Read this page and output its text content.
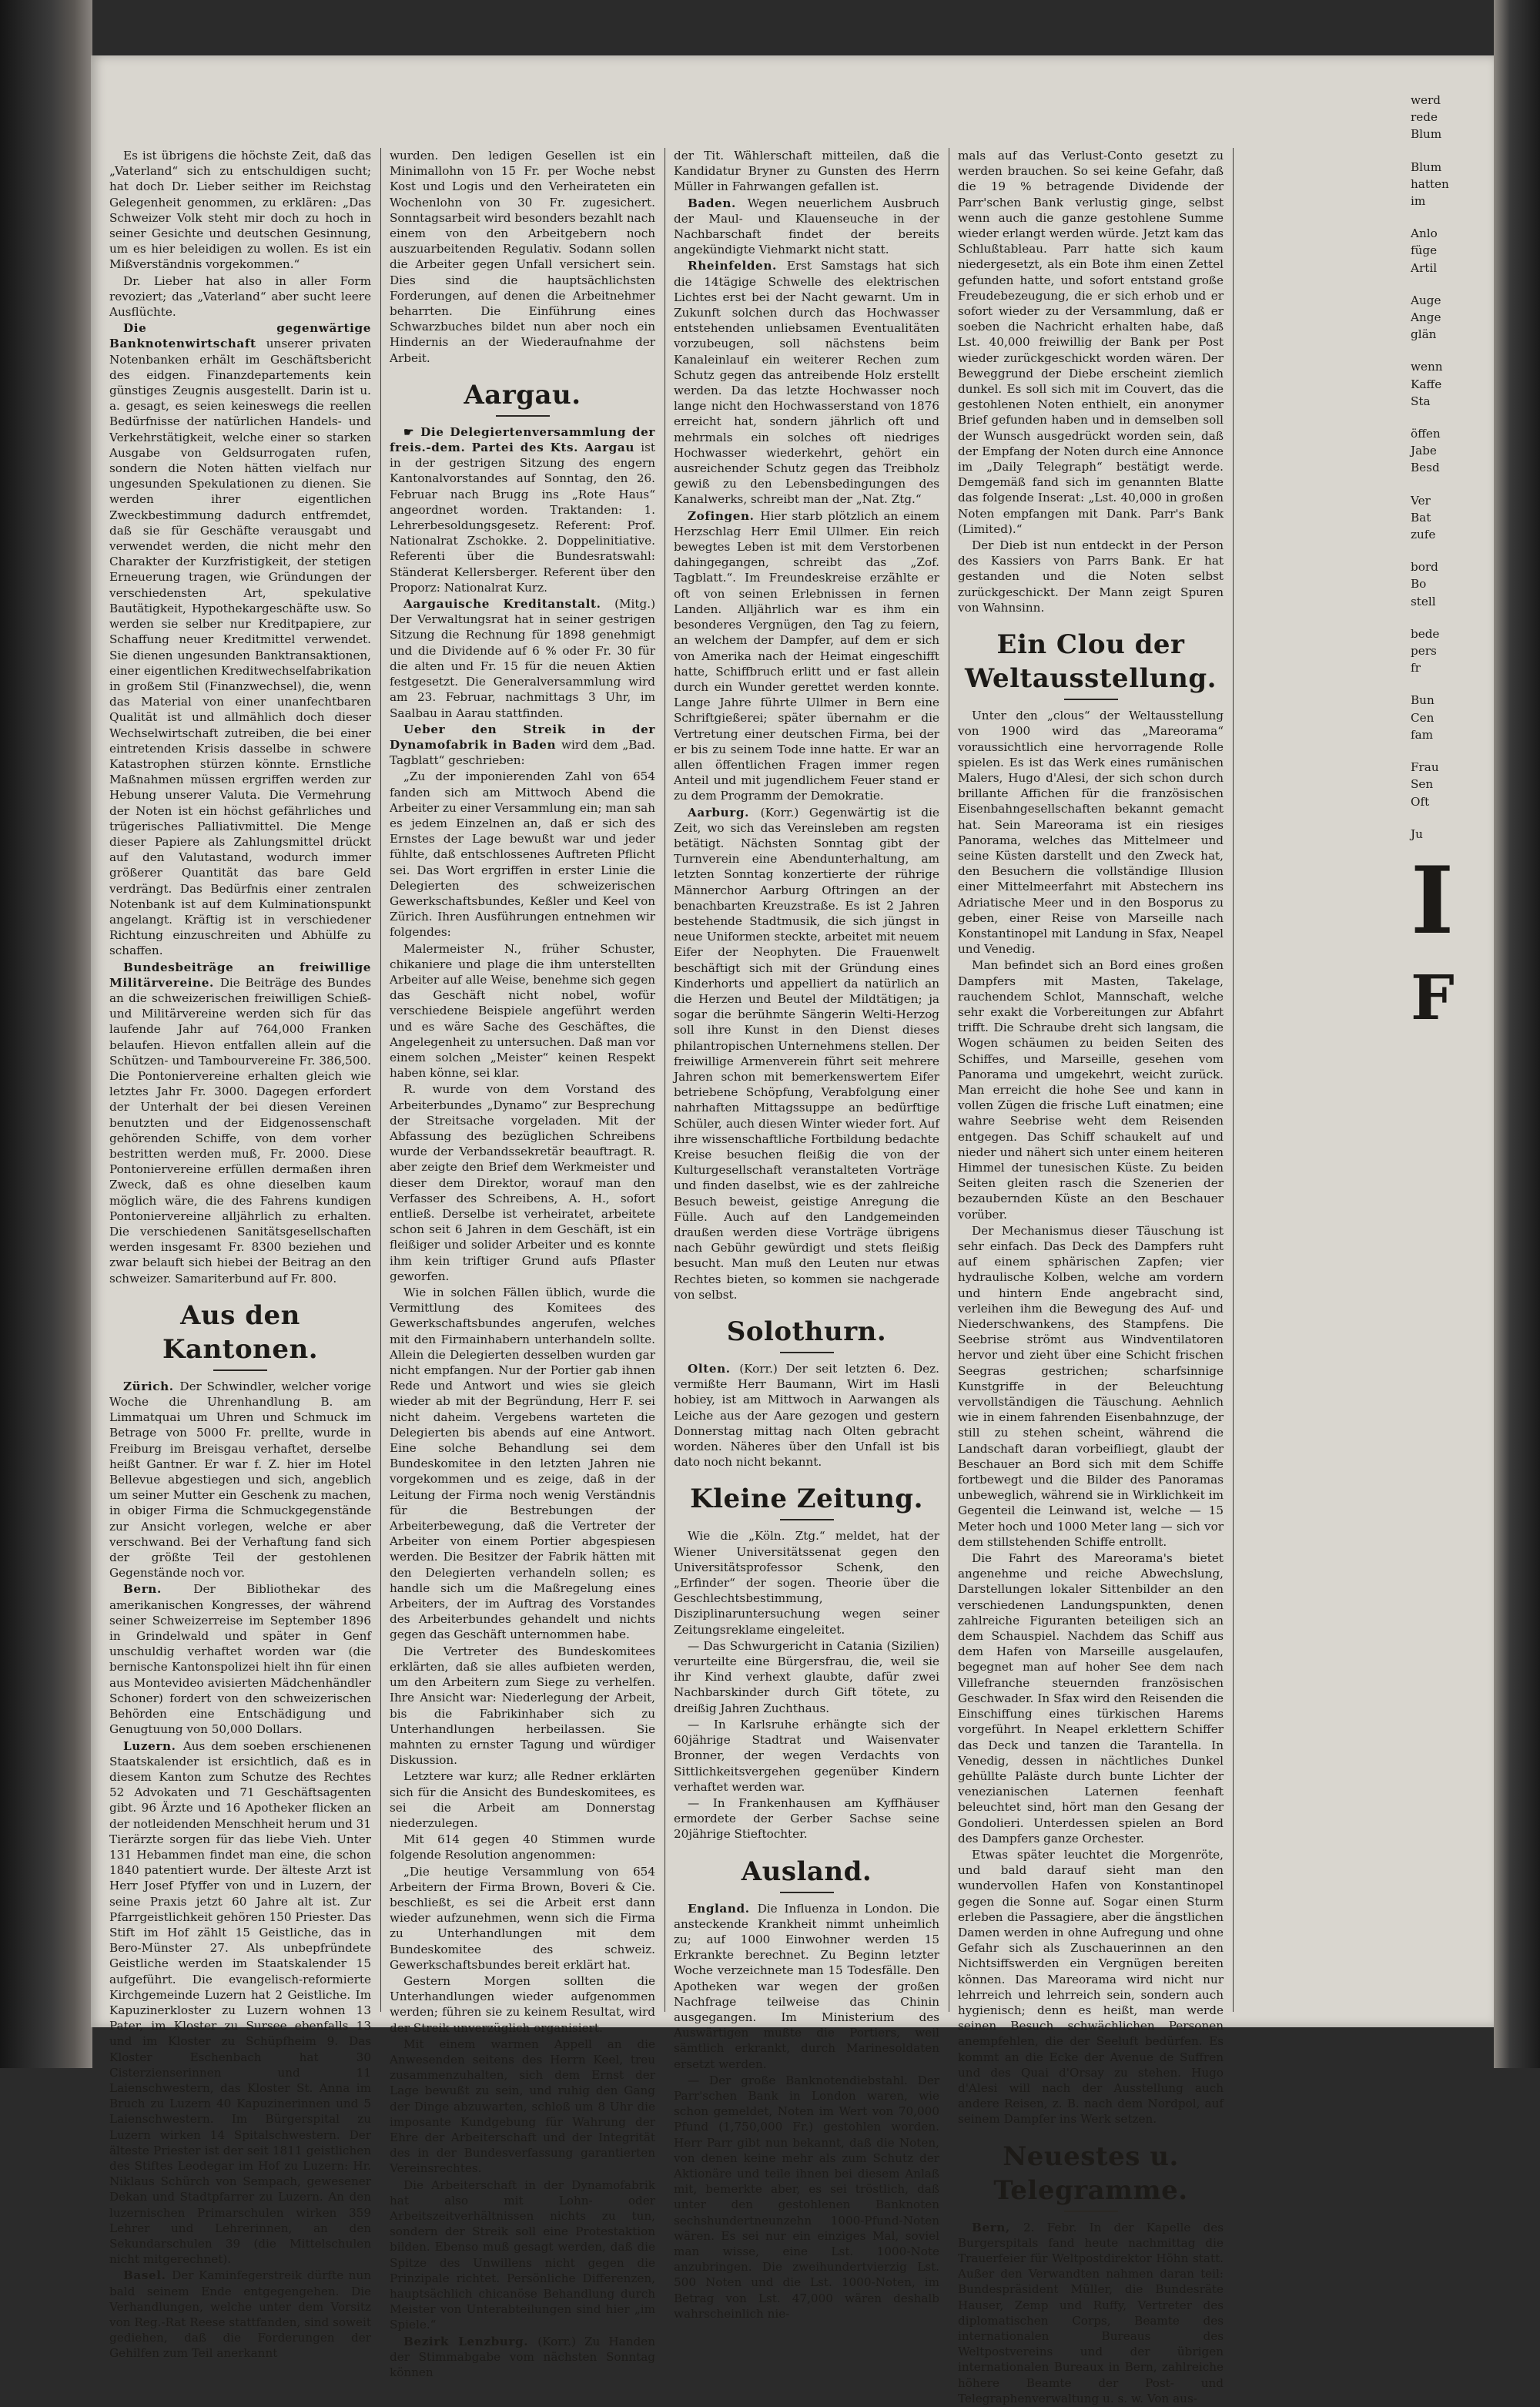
Es ist übrigens die höchste Zeit, daß das „Vaterland“ sich zu entschuldigen sucht; hat doch Dr. Lieber seither im Reichstag Gelegenheit genommen, zu erklären: „Das Schweizer Volk steht mir doch zu hoch in seiner Gesichte und deutschen Gesinnung, um es hier beleidigen zu wollen. Es ist ein Mißverständnis vorgekommen.“

Dr. Lieber hat also in aller Form revoziert; das „Vaterland“ aber sucht leere Ausflüchte.

Die gegenwärtige Banknotenwirtschaft unserer privaten Notenbanken erhält im Geschäftsbericht des eidgen. Finanzdepartements kein günstiges Zeugnis ausgestellt. Darin ist u. a. gesagt, es seien keineswegs die reellen Bedürfnisse der natürlichen Handels- und Verkehrstätigkeit, welche einer so starken Ausgabe von Geldsurrogaten rufen, sondern die Noten hätten vielfach nur ungesunden Spekulationen zu dienen. Sie werden ihrer eigentlichen Zweckbestimmung dadurch entfremdet, daß sie für Geschäfte verausgabt und verwendet werden, die nicht mehr den Charakter der Kurzfristigkeit, der stetigen Erneuerung tragen, wie Gründungen der verschiedensten Art, spekulative Bautätigkeit, Hypothekargeschäfte usw. So werden sie selber nur Kreditpapiere, zur Schaffung neuer Kreditmittel verwendet. Sie dienen ungesunden Banktransaktionen, einer eigentlichen Kreditwechselfabrikation in großem Stil (Finanzwechsel), die, wenn das Material von einer unanfechtbaren Qualität ist und allmählich doch dieser Wechselwirtschaft zutreiben, die bei einer eintretenden Krisis dasselbe in schwere Katastrophen stürzen könnte. Ernstliche Maßnahmen müssen ergriffen werden zur Hebung unserer Valuta. Die Vermehrung der Noten ist ein höchst gefährliches und trügerisches Palliativmittel. Die Menge dieser Papiere als Zahlungsmittel drückt auf den Valutastand, wodurch immer größerer Quantität das bare Geld verdrängt. Das Bedürfnis einer zentralen Notenbank ist auf dem Kulminationspunkt angelangt. Kräftig ist in verschiedener Richtung einzuschreiten und Abhülfe zu schaffen.

Bundesbeiträge an freiwillige Militärvereine. Die Beiträge des Bundes an die schweizerischen freiwilligen Schieß- und Militärvereine werden sich für das laufende Jahr auf 764,000 Franken belaufen. Hievon entfallen allein auf die Schützen- und Tambourvereine Fr. 386,500. Die Pontoniervereine erhalten gleich wie letztes Jahr Fr. 3000. Dagegen erfordert der Unterhalt der bei diesen Vereinen benutzten und der Eidgenossenschaft gehörenden Schiffe, von dem vorher bestritten werden muß, Fr. 2000. Diese Pontoniervereine erfüllen dermaßen ihren Zweck, daß es ohne dieselben kaum möglich wäre, die des Fahrens kundigen Pontoniervereine alljährlich zu erhalten. Die verschiedenen Sanitätsgesellschaften werden insgesamt Fr. 8300 beziehen und zwar belauft sich hiebei der Beitrag an den schweizer. Samariterbund auf Fr. 800.

Aus den Kantonen.

Zürich. Der Schwindler, welcher vorige Woche die Uhrenhandlung B. am Limmatquai um Uhren und Schmuck im Betrage von 5000 Fr. prellte, wurde in Freiburg im Breisgau verhaftet, derselbe heißt Gantner. Er war f. Z. hier im Hotel Bellevue abgestiegen und sich, angeblich um seiner Mutter ein Geschenk zu machen, in obiger Firma die Schmuckgegenstände zur Ansicht vorlegen, welche er aber verschwand. Bei der Verhaftung fand sich der größte Teil der gestohlenen Gegenstände noch vor.

Bern. Der Bibliothekar des amerikanischen Kongresses, der während seiner Schweizerreise im September 1896 in Grindelwald und später in Genf unschuldig verhaftet worden war (die bernische Kantonspolizei hielt ihn für einen aus Montevideo avisierten Mädchenhändler Schoner) fordert von den schweizerischen Behörden eine Entschädigung und Genugtuung von 50,000 Dollars.

Luzern. Aus dem soeben erschienenen Staatskalender ist ersichtlich, daß es in diesem Kanton zum Schutze des Rechtes 52 Advokaten und 71 Geschäftsagenten gibt. 96 Ärzte und 16 Apotheker flicken an der notleidenden Menschheit herum und 31 Tierärzte sorgen für das liebe Vieh. Unter 131 Hebammen findet man eine, die schon 1840 patentiert wurde. Der älteste Arzt ist Herr Josef Pfyffer von und in Luzern, der seine Praxis jetzt 60 Jahre alt ist. Zur Pfarrgeistlichkeit gehören 150 Priester. Das Stift im Hof zählt 15 Geistliche, das in Bero-Münster 27. Als unbepfründete Geistliche werden im Staatskalender 15 aufgeführt. Die evangelisch-reformierte Kirchgemeinde Luzern hat 2 Geistliche. Im Kapuzinerkloster zu Luzern wohnen 13 Pater, im Kloster zu Sursee ebenfalls 13 und im Kloster zu Schüpfheim 9. Das Kloster Eschenbach hat 30 Cisterzienserinnen und 11 Laienschwestern, das Kloster St. Anna im Bruch zu Luzern 40 Kapuzinerinnen und 5 Laienschwestern. Im Bürgerspital zu Luzern wirken 14 Spitalschwestern. Der älteste Priester ist der seit 1811 geistlichen des Stiftes Leodegar im Hof zu Luzern: Hr. Niklaus Schürch von Sempach, gewesener Dekan und Stadtpfarrer zu Luzern. An den luzernischen Primarschulen wirken 359 Lehrer und Lehrerinnen, an den Sekundarschulen 39 (die Mittelschulen nicht mitgerechnet).

Basel. Der Kaminfegerstreik dürfte nun bald seinem Ende entgegengehen. Die Verhandlungen, welche unter dem Vorsitz von Reg.-Rat Reese stattfanden, sind soweit gediehen, daß die Forderungen der Gehilfen zum Teil anerkannt

wurden. Den ledigen Gesellen ist ein Minimallohn von 15 Fr. per Woche nebst Kost und Logis und den Verheirateten ein Wochenlohn von 30 Fr. zugesichert. Sonntagsarbeit wird besonders bezahlt nach einem von den Arbeitgebern noch auszuarbeitenden Regulativ. Sodann sollen die Arbeiter gegen Unfall versichert sein. Dies sind die hauptsächlichsten Forderungen, auf denen die Arbeitnehmer beharrten. Die Einführung eines Schwarzbuches bildet nun aber noch ein Hindernis an der Wiederaufnahme der Arbeit.

Aargau.

☛ Die Delegiertenversammlung der freis.-dem. Partei des Kts. Aargau ist in der gestrigen Sitzung des engern Kantonalvorstandes auf Sonntag, den 26. Februar nach Brugg ins „Rote Haus“ angeordnet worden. Traktanden: 1. Lehrerbesoldungsgesetz. Referent: Prof. Nationalrat Zschokke. 2. Doppelinitiative. Referenti über die Bundesratswahl: Ständerat Kellersberger. Referent über den Proporz: Nationalrat Kurz.

Aargauische Kreditanstalt. (Mitg.) Der Verwaltungsrat hat in seiner gestrigen Sitzung die Rechnung für 1898 genehmigt und die Dividende auf 6 % oder Fr. 30 für die alten und Fr. 15 für die neuen Aktien festgesetzt. Die Generalversammlung wird am 23. Februar, nachmittags 3 Uhr, im Saalbau in Aarau stattfinden.

Ueber den Streik in der Dynamofabrik in Baden wird dem „Bad. Tagblatt“ geschrieben:

„Zu der imponierenden Zahl von 654 fanden sich am Mittwoch Abend die Arbeiter zu einer Versammlung ein; man sah es jedem Einzelnen an, daß er sich des Ernstes der Lage bewußt war und jeder fühlte, daß entschlossenes Auftreten Pflicht sei. Das Wort ergriffen in erster Linie die Delegierten des schweizerischen Gewerkschaftsbundes, Keßler und Keel von Zürich. Ihren Ausführungen entnehmen wir folgendes:

Malermeister N., früher Schuster, chikaniere und plage die ihm unterstellten Arbeiter auf alle Weise, benehme sich gegen das Geschäft nicht nobel, wofür verschiedene Beispiele angeführt werden und es wäre Sache des Geschäftes, die Angelegenheit zu untersuchen. Daß man vor einem solchen „Meister“ keinen Respekt haben könne, sei klar.

R. wurde von dem Vorstand des Arbeiterbundes „Dynamo“ zur Besprechung der Streitsache vorgeladen. Mit der Abfassung des bezüglichen Schreibens wurde der Verbandssekretär beauftragt. R. aber zeigte den Brief dem Werkmeister und dieser dem Direktor, worauf man den Verfasser des Schreibens, A. H., sofort entließ. Derselbe ist verheiratet, arbeitete schon seit 6 Jahren in dem Geschäft, ist ein fleißiger und solider Arbeiter und es konnte ihm kein triftiger Grund aufs Pflaster geworfen.

Wie in solchen Fällen üblich, wurde die Vermittlung des Komitees des Gewerkschaftsbundes angerufen, welches mit den Firmainhabern unterhandeln sollte. Allein die Delegierten desselben wurden gar nicht empfangen. Nur der Portier gab ihnen Rede und Antwort und wies sie gleich wieder ab mit der Begründung, Herr F. sei nicht daheim. Vergebens warteten die Delegierten bis abends auf eine Antwort. Eine solche Behandlung sei dem Bundeskomitee in den letzten Jahren nie vorgekommen und es zeige, daß in der Leitung der Firma noch wenig Verständnis für die Bestrebungen der Arbeiterbewegung, daß die Vertreter der Arbeiter von einem Portier abgespiesen werden. Die Besitzer der Fabrik hätten mit den Delegierten verhandeln sollen; es handle sich um die Maßregelung eines Arbeiters, der im Auftrag des Vorstandes des Arbeiterbundes gehandelt und nichts gegen das Geschäft unternommen habe.

Die Vertreter des Bundeskomitees erklärten, daß sie alles aufbieten werden, um den Arbeitern zum Siege zu verhelfen. Ihre Ansicht war: Niederlegung der Arbeit, bis die Fabrikinhaber sich zu Unterhandlungen herbeilassen. Sie mahnten zu ernster Tagung und würdiger Diskussion.

Letztere war kurz; alle Redner erklärten sich für die Ansicht des Bundeskomitees, es sei die Arbeit am Donnerstag niederzulegen.

Mit 614 gegen 40 Stimmen wurde folgende Resolution angenommen:

„Die heutige Versammlung von 654 Arbeitern der Firma Brown, Boveri & Cie. beschließt, es sei die Arbeit erst dann wieder aufzunehmen, wenn sich die Firma zu Unterhandlungen mit dem Bundeskomitee des schweiz. Gewerkschaftsbundes bereit erklärt hat.

Gestern Morgen sollten die Unterhandlungen wieder aufgenommen werden; führen sie zu keinem Resultat, wird der Streik unverzüglich organisiert.

Mit einem warmen Appell an die Anwesenden seitens des Herrn Keel, treu zusammenzuhalten, sich dem Ernst der Lage bewußt zu sein, und ruhig den Gang der Dinge abzuwarten, schloß um 8 Uhr die imposante Kundgebung für Wahrung der Ehre der Arbeiterschaft und der Integrität des in der Bundesverfassung garantierten Vereinsrechtes.

Die Arbeiterschaft in der Dynamofabrik hat also mit Lohn- oder Arbeitszeitverhältnissen nichts zu tun, sondern der Streik soll eine Protestaktion bilden. Ebenso muß gesagt werden, daß die Spitze des Unwillens nicht gegen die Prinzipale richtet. Persönliche Differenzen, hauptsächlich chicanöse Behandlung durch Meister von Unterabteilungen sind hier „im Spiele.“

Bezirk Lenzburg. (Korr.) Zu Handen der Stimmabgabe vom nächsten Sonntag können

der Tit. Wählerschaft mitteilen, daß die Kandidatur Bryner zu Gunsten des Herrn Müller in Fahrwangen gefallen ist.

Baden. Wegen neuerlichem Ausbruch der Maul- und Klauenseuche in der Nachbarschaft findet der bereits angekündigte Viehmarkt nicht statt.

Rheinfelden. Erst Samstags hat sich die 14tägige Schwelle des elektrischen Lichtes erst bei der Nacht gewarnt. Um in Zukunft solchen durch das Hochwasser entstehenden unliebsamen Eventualitäten vorzubeugen, soll nächstens beim Kanaleinlauf ein weiterer Rechen zum Schutz gegen das antreibende Holz erstellt werden. Da das letzte Hochwasser noch lange nicht den Hochwasserstand von 1876 erreicht hat, sondern jährlich oft und mehrmals ein solches oft niedriges Hochwasser wiederkehrt, gehört ein ausreichender Schutz gegen das Treibholz gewiß zu den Lebensbedingungen des Kanalwerks, schreibt man der „Nat. Ztg.“

Zofingen. Hier starb plötzlich an einem Herzschlag Herr Emil Ullmer. Ein reich bewegtes Leben ist mit dem Verstorbenen dahingegangen, schreibt das „Zof. Tagblatt.“. Im Freundeskreise erzählte er oft von seinen Erlebnissen in fernen Landen. Alljährlich war es ihm ein besonderes Vergnügen, den Tag zu feiern, an welchem der Dampfer, auf dem er sich von Amerika nach der Heimat eingeschifft hatte, Schiffbruch erlitt und er fast allein durch ein Wunder gerettet werden konnte. Lange Jahre führte Ullmer in Bern eine Schriftgießerei; später übernahm er die Vertretung einer deutschen Firma, bei der er bis zu seinem Tode inne hatte. Er war an allen öffentlichen Fragen immer regen Anteil und mit jugendlichem Feuer stand er zu dem Programm der Demokratie.

Aarburg. (Korr.) Gegenwärtig ist die Zeit, wo sich das Vereinsleben am regsten betätigt. Nächsten Sonntag gibt der Turnverein eine Abendunterhaltung, am letzten Sonntag konzertierte der rührige Männerchor Aarburg Oftringen an der benachbarten Kreuzstraße. Es ist 2 Jahren bestehende Stadtmusik, die sich jüngst in neue Uniformen steckte, arbeitet mit neuem Eifer der Neophyten. Die Frauenwelt beschäftigt sich mit der Gründung eines Kinderhorts und appelliert da natürlich an die Herzen und Beutel der Mildtätigen; ja sogar die berühmte Sängerin Welti-Herzog soll ihre Kunst in den Dienst dieses philantropischen Unternehmens stellen. Der freiwillige Armenverein führt seit mehrere Jahren schon mit bemerkenswertem Eifer betriebene Schöpfung, Verabfolgung einer nahrhaften Mittagssuppe an bedürftige Schüler, auch diesen Winter wieder fort. Auf ihre wissenschaftliche Fortbildung bedachte Kreise besuchen fleißig die von der Kulturgesellschaft veranstalteten Vorträge und finden daselbst, wie es der zahlreiche Besuch beweist, geistige Anregung die Fülle. Auch auf den Landgemeinden draußen werden diese Vorträge übrigens nach Gebühr gewürdigt und stets fleißig besucht. Man muß den Leuten nur etwas Rechtes bieten, so kommen sie nachgerade von selbst.

Solothurn.

Olten. (Korr.) Der seit letzten 6. Dez. vermißte Herr Baumann, Wirt im Hasli hobiey, ist am Mittwoch in Aarwangen als Leiche aus der Aare gezogen und gestern Donnerstag mittag nach Olten gebracht worden. Näheres über den Unfall ist bis dato noch nicht bekannt.

Kleine Zeitung.

Wie die „Köln. Ztg.“ meldet, hat der Wiener Universitätssenat gegen den Universitätsprofessor Schenk, den „Erfinder“ der sogen. Theorie über die Geschlechtsbestimmung, Disziplinaruntersuchung wegen seiner Zeitungsreklame eingeleitet.

— Das Schwurgericht in Catania (Sizilien) verurteilte eine Bürgersfrau, die, weil sie ihr Kind verhext glaubte, dafür zwei Nachbarskinder durch Gift tötete, zu dreißig Jahren Zuchthaus.

— In Karlsruhe erhängte sich der 60jährige Stadtrat und Waisenvater Bronner, der wegen Verdachts von Sittlichkeitsvergehen gegenüber Kindern verhaftet werden war.

— In Frankenhausen am Kyffhäuser ermordete der Gerber Sachse seine 20jährige Stieftochter.

Ausland.

England. Die Influenza in London. Die ansteckende Krankheit nimmt unheimlich zu; auf 1000 Einwohner werden 15 Erkrankte berechnet. Zu Beginn letzter Woche verzeichnete man 15 Todesfälle. Den Apotheken war wegen der großen Nachfrage teilweise das Chinin ausgegangen. Im Ministerium des Auswärtigen mußte die Portiers, weil sämtlich erkrankt, durch Marinesoldaten ersetzt werden.

— Der große Banknotendiebstahl. Der Parr'schen Bank in London waren, wie schon gemeldet, Noten im Wert von 70,000 Pfund (1,750,000 Fr.) gestohlen worden. Herr Parr gibt nun bekannt, daß die Noten, von denen keine mehr als zum Schutz der Aktionäre und teile ihnen bei diesem Anlaß mit, bemerkte aber, es sei tröstlich, daß unter den gestohlenen Banknoten sechshundertneunzehn 1000-Pfund-Noten wären. Es sei nur ein einziges Mal, soviel man wisse, eine Lst. 1000-Note anzubringen. Die zweihundertvierzig Lst. 500 Noten und die Lst. 1000-Noten, im Betrag von Lst. 47,000 wären deshalb wahrscheinlich nie-

mals auf das Verlust-Conto gesetzt zu werden brauchen. So sei keine Gefahr, daß die 19 % betragende Dividende der Parr'schen Bank verlustig ginge, selbst wenn auch die ganze gestohlene Summe wieder erlangt werden würde. Jetzt kam das Schlußtableau. Parr hatte sich kaum niedergesetzt, als ein Bote ihm einen Zettel gefunden hatte, und sofort entstand große Freudebezeugung, die er sich erhob und er sofort wieder zu der Versammlung, daß er soeben die Nachricht erhalten habe, daß Lst. 40,000 freiwillig der Bank per Post wieder zurückgeschickt worden wären. Der Beweggrund der Diebe erscheint ziemlich dunkel. Es soll sich mit im Couvert, das die gestohlenen Noten enthielt, ein anonymer Brief gefunden haben und in demselben soll der Wunsch ausgedrückt worden sein, daß der Empfang der Noten durch eine Annonce im „Daily Telegraph“ bestätigt werde. Demgemäß fand sich im genannten Blatte das folgende Inserat: „Lst. 40,000 in großen Noten empfangen mit Dank. Parr's Bank (Limited).“

Der Dieb ist nun entdeckt in der Person des Kassiers von Parrs Bank. Er hat gestanden und die Noten selbst zurückgeschickt. Der Mann zeigt Spuren von Wahnsinn.

Ein Clou der Weltausstellung.

Unter den „clous“ der Weltausstellung von 1900 wird das „Mareorama“ voraussichtlich eine hervorragende Rolle spielen. Es ist das Werk eines rumänischen Malers, Hugo d'Alesi, der sich schon durch brillante Affichen für die französischen Eisenbahngesellschaften bekannt gemacht hat. Sein Mareorama ist ein riesiges Panorama, welches das Mittelmeer und seine Küsten darstellt und den Zweck hat, den Besuchern die vollständige Illusion einer Mittelmeerfahrt mit Abstechern ins Adriatische Meer und in den Bosporus zu geben, einer Reise von Marseille nach Konstantinopel mit Landung in Sfax, Neapel und Venedig.

Man befindet sich an Bord eines großen Dampfers mit Masten, Takelage, rauchendem Schlot, Mannschaft, welche sehr exakt die Vorbereitungen zur Abfahrt trifft. Die Schraube dreht sich langsam, die Wogen schäumen zu beiden Seiten des Schiffes, und Marseille, gesehen vom Panorama und umgekehrt, weicht zurück. Man erreicht die hohe See und kann in vollen Zügen die frische Luft einatmen; eine wahre Seebrise weht dem Reisenden entgegen. Das Schiff schaukelt auf und nieder und nähert sich unter einem heiteren Himmel der tunesischen Küste. Zu beiden Seiten gleiten rasch die Szenerien der bezaubernden Küste an den Beschauer vorüber.

Der Mechanismus dieser Täuschung ist sehr einfach. Das Deck des Dampfers ruht auf einem sphärischen Zapfen; vier hydraulische Kolben, welche am vordern und hintern Ende angebracht sind, verleihen ihm die Bewegung des Auf- und Niederschwankens, des Stampfens. Die Seebrise strömt aus Windventilatoren hervor und zieht über eine Schicht frischen Seegras gestrichen; scharfsinnige Kunstgriffe in der Beleuchtung vervollständigen die Täuschung. Aehnlich wie in einem fahrenden Eisenbahnzuge, der still zu stehen scheint, während die Landschaft daran vorbeifliegt, glaubt der Beschauer an Bord sich mit dem Schiffe fortbewegt und die Bilder des Panoramas unbeweglich, während sie in Wirklichkeit im Gegenteil die Leinwand ist, welche — 15 Meter hoch und 1000 Meter lang — sich vor dem stillstehenden Schiffe entrollt.

Die Fahrt des Mareorama's bietet angenehme und reiche Abwechslung, Darstellungen lokaler Sittenbilder an den verschiedenen Landungspunkten, denen zahlreiche Figuranten beteiligen sich an dem Schauspiel. Nachdem das Schiff aus dem Hafen von Marseille ausgelaufen, begegnet man auf hoher See dem nach Villefranche steuernden französischen Geschwader. In Sfax wird den Reisenden die Einschiffung eines türkischen Harems vorgeführt. In Neapel erklettern Schiffer das Deck und tanzen die Tarantella. In Venedig, dessen in nächtliches Dunkel gehüllte Paläste durch bunte Lichter der venezianischen Laternen feenhaft beleuchtet sind, hört man den Gesang der Gondolieri. Unterdessen spielen an Bord des Dampfers ganze Orchester.

Etwas später leuchtet die Morgenröte, und bald darauf sieht man den wundervollen Hafen von Konstantinopel gegen die Sonne auf. Sogar einen Sturm erleben die Passagiere, aber die ängstlichen Damen werden in ohne Aufregung und ohne Gefahr sich als Zuschauerinnen an den Nichtsiffswerden ein Vergnügen bereiten können. Das Mareorama wird nicht nur lehrreich und lehrreich sein, sondern auch hygienisch; denn es heißt, man werde seinen Besuch schwächlichen Personen anempfehlen, die der Seeluft bedürfen. Es kommt an die Ecke der Avenue de Suffren und des Quai d'Orsay zu stehen. Hugo d'Alesi will nach der Ausstellung auch andere Reisen, z. B. nach dem Nordpol, auf seinem Dampfer ins Werk setzen.

Neuestes u. Telegramme.

Bern, 2. Febr. In der Kapelle des Burgerspitals fand heute nachmittag die Trauerfeier für Weltpostdirektor Höhn statt. Außer den Verwandten nahmen daran teil: Bundespräsident Müller, die Bundesräte Hauser, Zemp und Ruffy, Vertreter des diplomatischen Corps, Beamte des internationalen Bureaus des Weltpostvereins und der übrigen internationalen Bureaux in Bern, zahlreiche höhere Beamte der Post- und Telegraphenverwaltung u. s. w. Von aus-

werd
rede
Blum
Blum
hatten
im
Anlo
füge
Artil
Auge
Ange
glän
wenn
Kaffe
Sta
öffen
Jabe
Besd
Ver
Bat
zufe
bord
Bo
stell
bede
pers
fr
Bun
Cen
fam
Frau
Sen
Oft
Ju
I
F
